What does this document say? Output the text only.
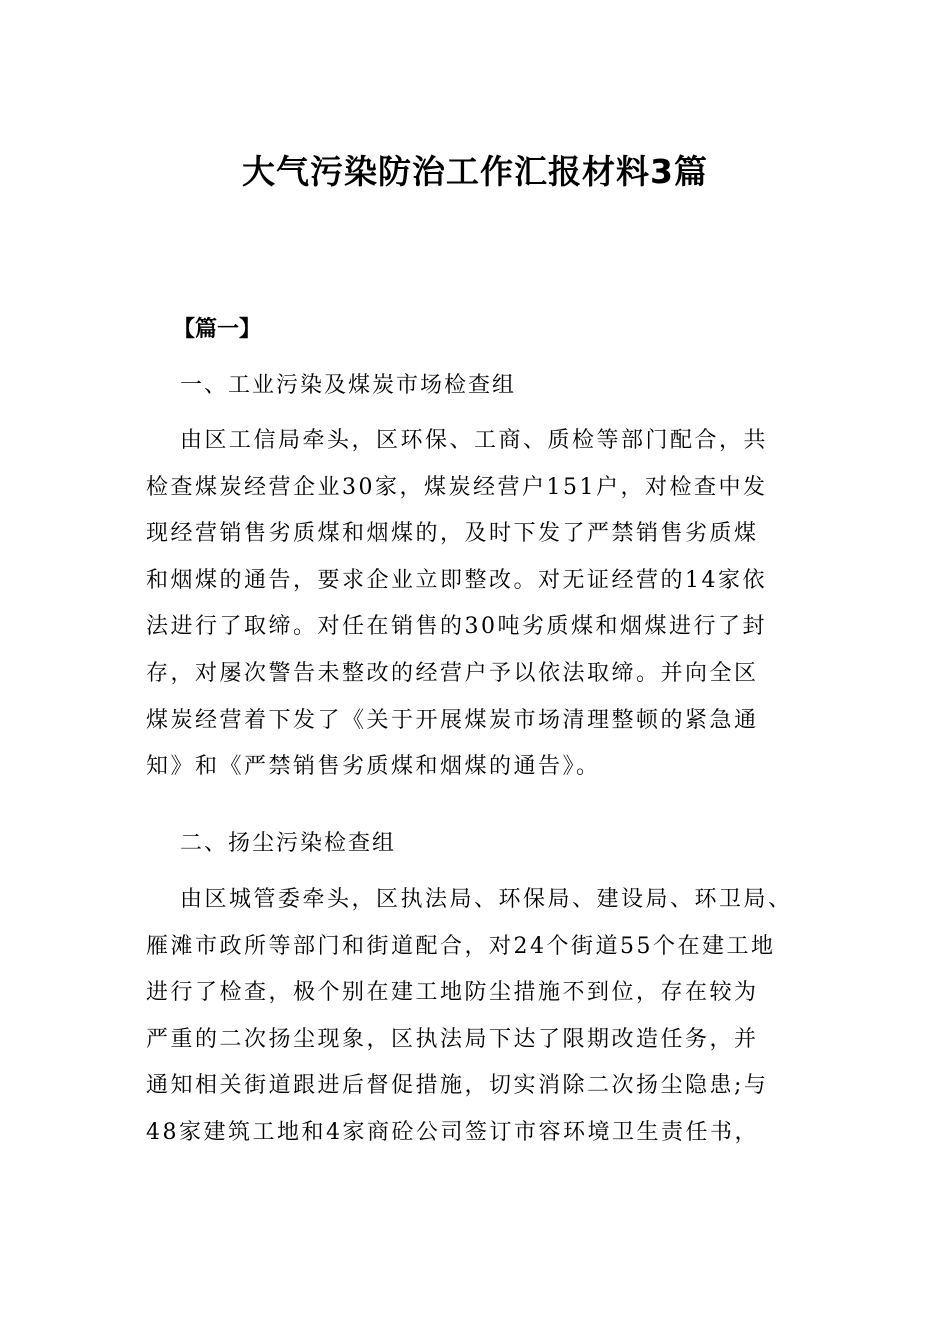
大气污染防治工作汇报材料3篇
【篇一】
一、工业污染及煤炭市场检查组
由区工信局牵头，区环保、工商、质检等部门配合，共
检查煤炭经营企业30家，煤炭经营户151户，对检查中发
现经营销售劣质煤和烟煤的，及时下发了严禁销售劣质煤
和烟煤的通告，要求企业立即整改。对无证经营的14家依
法进行了取缔。对任在销售的30吨劣质煤和烟煤进行了封
存，对屡次警告未整改的经营户予以依法取缔。并向全区
煤炭经营着下发了《关于开展煤炭市场清理整顿的紧急通
知》和《严禁销售劣质煤和烟煤的通告》。
二、扬尘污染检查组
由区城管委牵头，区执法局、环保局、建设局、环卫局、
雁滩市政所等部门和街道配合，对24个街道55个在建工地
进行了检查，极个别在建工地防尘措施不到位，存在较为
严重的二次扬尘现象，区执法局下达了限期改造任务，并
通知相关街道跟进后督促措施，切实消除二次扬尘隐患;与
48家建筑工地和4家商砼公司签订市容环境卫生责任书，
